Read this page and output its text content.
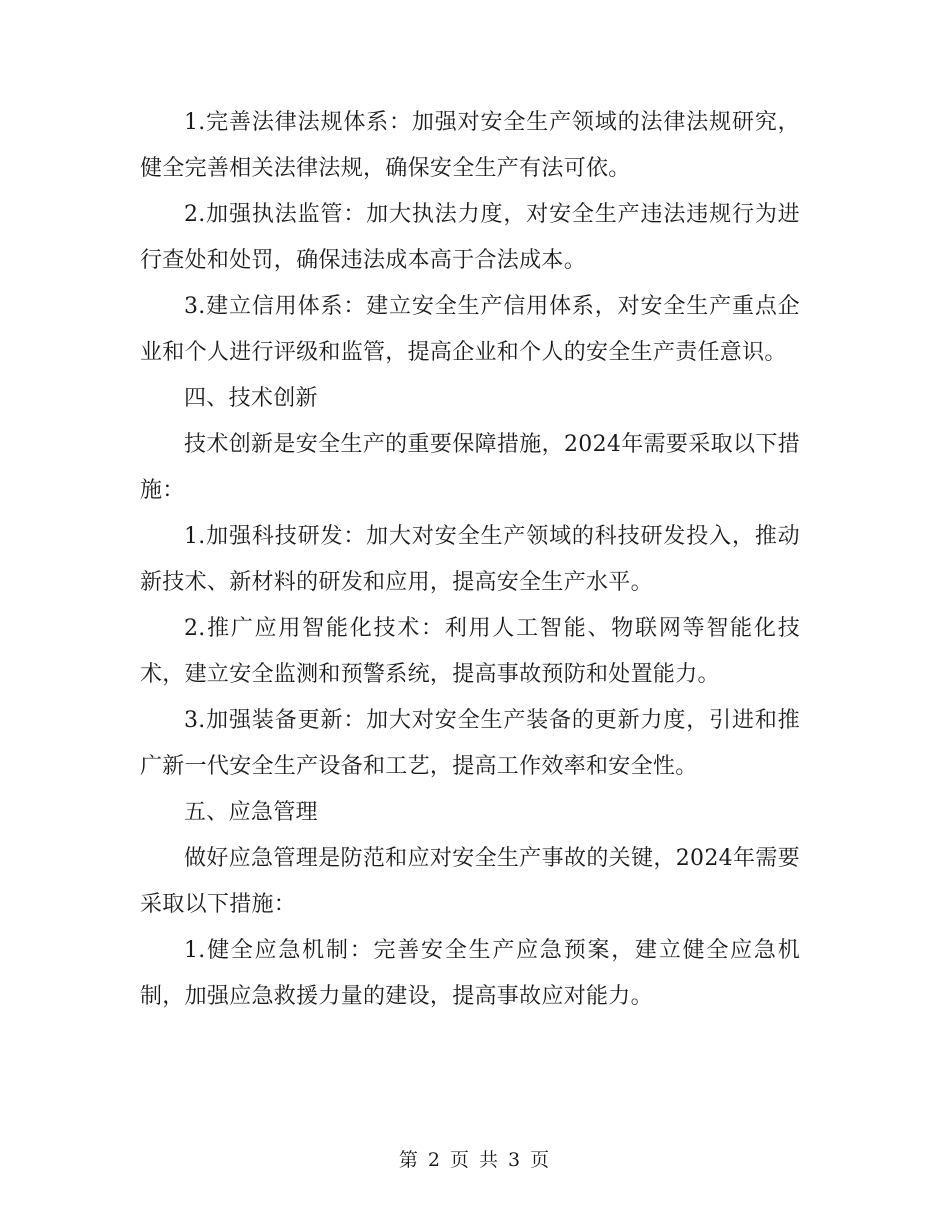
1.完善法律法规体系：加强对安全生产领域的法律法规研究，健全完善相关法律法规，确保安全生产有法可依。

2.加强执法监管：加大执法力度，对安全生产违法违规行为进行查处和处罚，确保违法成本高于合法成本。

3.建立信用体系：建立安全生产信用体系，对安全生产重点企业和个人进行评级和监管，提高企业和个人的安全生产责任意识。

四、技术创新

技术创新是安全生产的重要保障措施，2024年需要采取以下措施：

1.加强科技研发：加大对安全生产领域的科技研发投入，推动新技术、新材料的研发和应用，提高安全生产水平。

2.推广应用智能化技术：利用人工智能、物联网等智能化技术，建立安全监测和预警系统，提高事故预防和处置能力。

3.加强装备更新：加大对安全生产装备的更新力度，引进和推广新一代安全生产设备和工艺，提高工作效率和安全性。

五、应急管理

做好应急管理是防范和应对安全生产事故的关键，2024年需要采取以下措施：

1.健全应急机制：完善安全生产应急预案，建立健全应急机制，加强应急救援力量的建设，提高事故应对能力。

第 2 页 共 3 页
